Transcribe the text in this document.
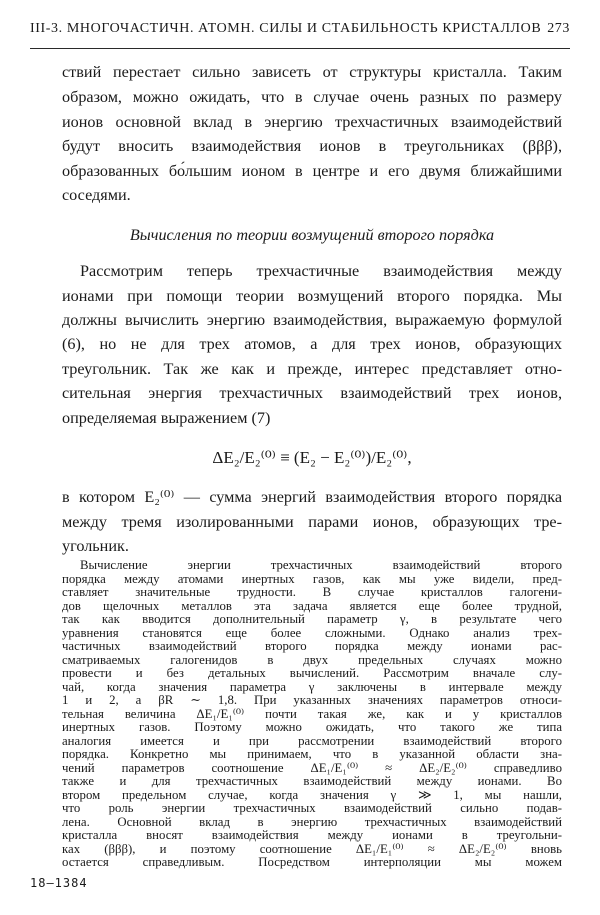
III-3. МНОГОЧАСТИЧН. АТОМН. СИЛЫ И СТАБИЛЬНОСТЬ КРИСТАЛЛОВ 273
ствий перестает сильно зависеть от структуры кристалла. Таким
образом, можно ожидать, что в случае очень разных по размеру
ионов основной вклад в энергию трехчастичных взаимодействий
будут вносить взаимодействия ионов в треугольниках (βββ),
образованных бо́льшим ионом в центре и его двумя ближайшими
соседями.
Вычисления по теории возмущений второго порядка
Рассмотрим теперь трехчастичные взаимодействия между
ионами при помощи теории возмущений второго порядка. Мы
должны вычислить энергию взаимодействия, выражаемую формулой (6), но не для трех атомов, а для трех ионов, образующих
треугольник. Так же как и прежде, интерес представляет отно-
сительная энергия трехчастичных взаимодействий трех ионов,
определяемая выражением (7)
ΔE₂/E₂⁽⁰⁾ ≡ (E₂ − E₂⁽⁰⁾)/E₂⁽⁰⁾,
в котором E₂⁽⁰⁾ — сумма энергий взаимодействия второго порядка
между тремя изолированными парами ионов, образующих тре-
угольник.
18—1384
Вычисление энергии трехчастичных взаимодействий второго
порядка между атомами инертных газов, как мы уже видели, пред-
ставляет значительные трудности. В случае кристаллов галогени-
дов щелочных металлов эта задача является еще более трудной,
так как вводится дополнительный параметр γ, в результате чего
уравнения становятся еще более сложными. Однако анализ трех-
частичных взаимодействий второго порядка между ионами рас-
сматриваемых галогенидов в двух предельных случаях можно
провести и без детальных вычислений. Рассмотрим вначале слу-
чай, когда значения параметра γ заключены в интервале между
1 и 2, а βR ∼ 1,8. При указанных значениях параметров относи-
тельная величина ΔE₁/E₁⁽⁰⁾ почти такая же, как и у кристаллов
инертных газов. Поэтому можно ожидать, что такого же типа
аналогия имеется и при рассмотрении взаимодействий второго
порядка. Конкретно мы принимаем, что в указанной области зна-
чений параметров соотношение ΔE₁/E₁⁽⁰⁾ ≈ ΔE₂/E₂⁽⁰⁾ справедливо
также и для трехчастичных взаимодействий между ионами. Во
втором предельном случае, когда значения γ ≫ 1, мы нашли,
что роль энергии трехчастичных взаимодействий сильно подав-
лена. Основной вклад в энергию трехчастичных взаимодействий
кристалла вносят взаимодействия между ионами в треугольни-
ках (βββ), и поэтому соотношение ΔE₁/E₁⁽⁰⁾ ≈ ΔE₂/E₂⁽⁰⁾ вновь
остается справедливым. Посредством интерполяции мы можем
